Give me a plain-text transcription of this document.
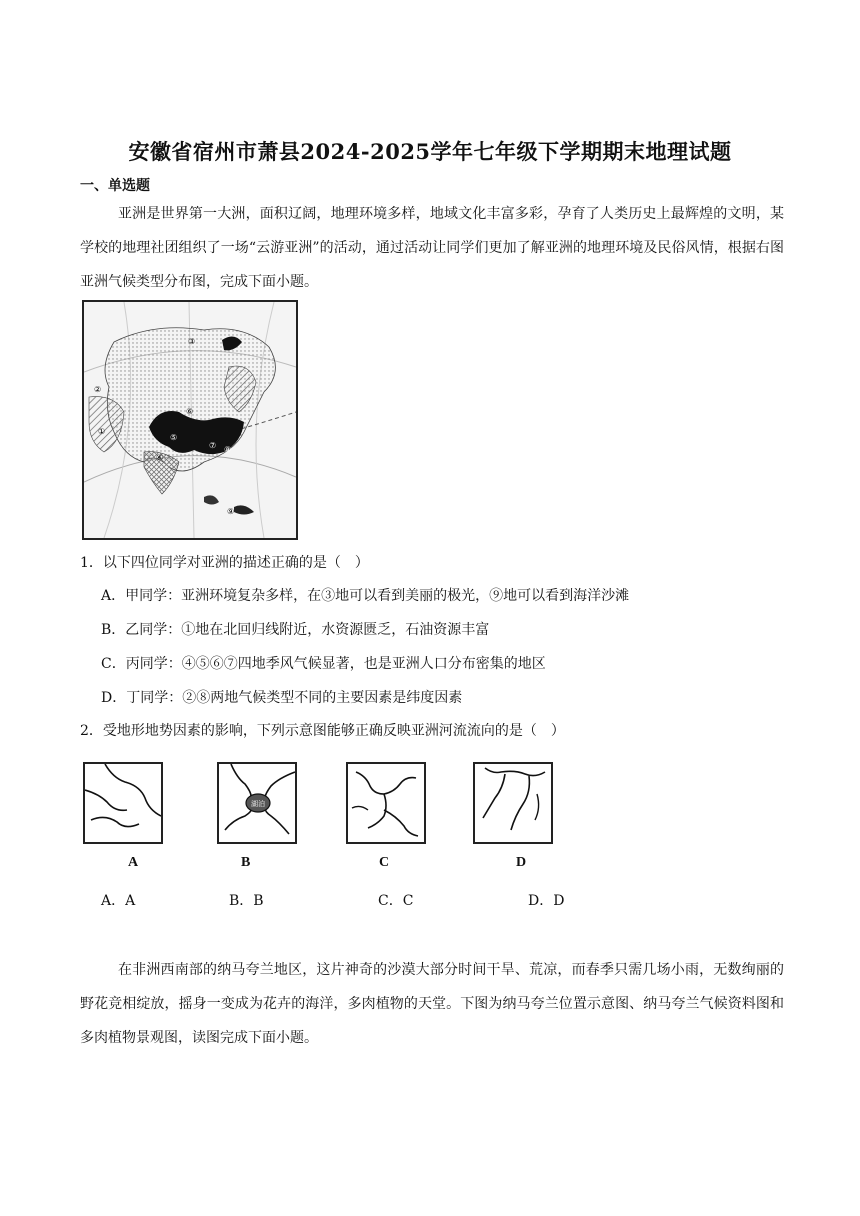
安徽省宿州市萧县2024-2025学年七年级下学期期末地理试题
一、单选题
亚洲是世界第一大洲，面积辽阔，地理环境多样，地域文化丰富多彩，孕育了人类历史上最辉煌的文明，某学校的地理社团组织了一场“云游亚洲”的活动，通过活动让同学们更加了解亚洲的地理环境及民俗风情，根据右图亚洲气候类型分布图，完成下面小题。
①
②
③
④
⑤
⑥
⑦ ⑧
⑨
1．以下四位同学对亚洲的描述正确的是（　）
A．甲同学：亚洲环境复杂多样，在③地可以看到美丽的极光，⑨地可以看到海洋沙滩
B．乙同学：①地在北回归线附近，水资源匮乏，石油资源丰富
C．丙同学：④⑤⑥⑦四地季风气候显著，也是亚洲人口分布密集的地区
D．丁同学：②⑧两地气候类型不同的主要因素是纬度因素
2．受地形地势因素的影响，下列示意图能够正确反映亚洲河流流向的是（　）
湖泊
A	B	C	D
A．A	B．B	C．C	D．D
在非洲西南部的纳马夸兰地区，这片神奇的沙漠大部分时间干旱、荒凉，而春季只需几场小雨，无数绚丽的野花竞相绽放，摇身一变成为花卉的海洋，多肉植物的天堂。下图为纳马夸兰位置示意图、纳马夸兰气候资料图和多肉植物景观图，读图完成下面小题。
